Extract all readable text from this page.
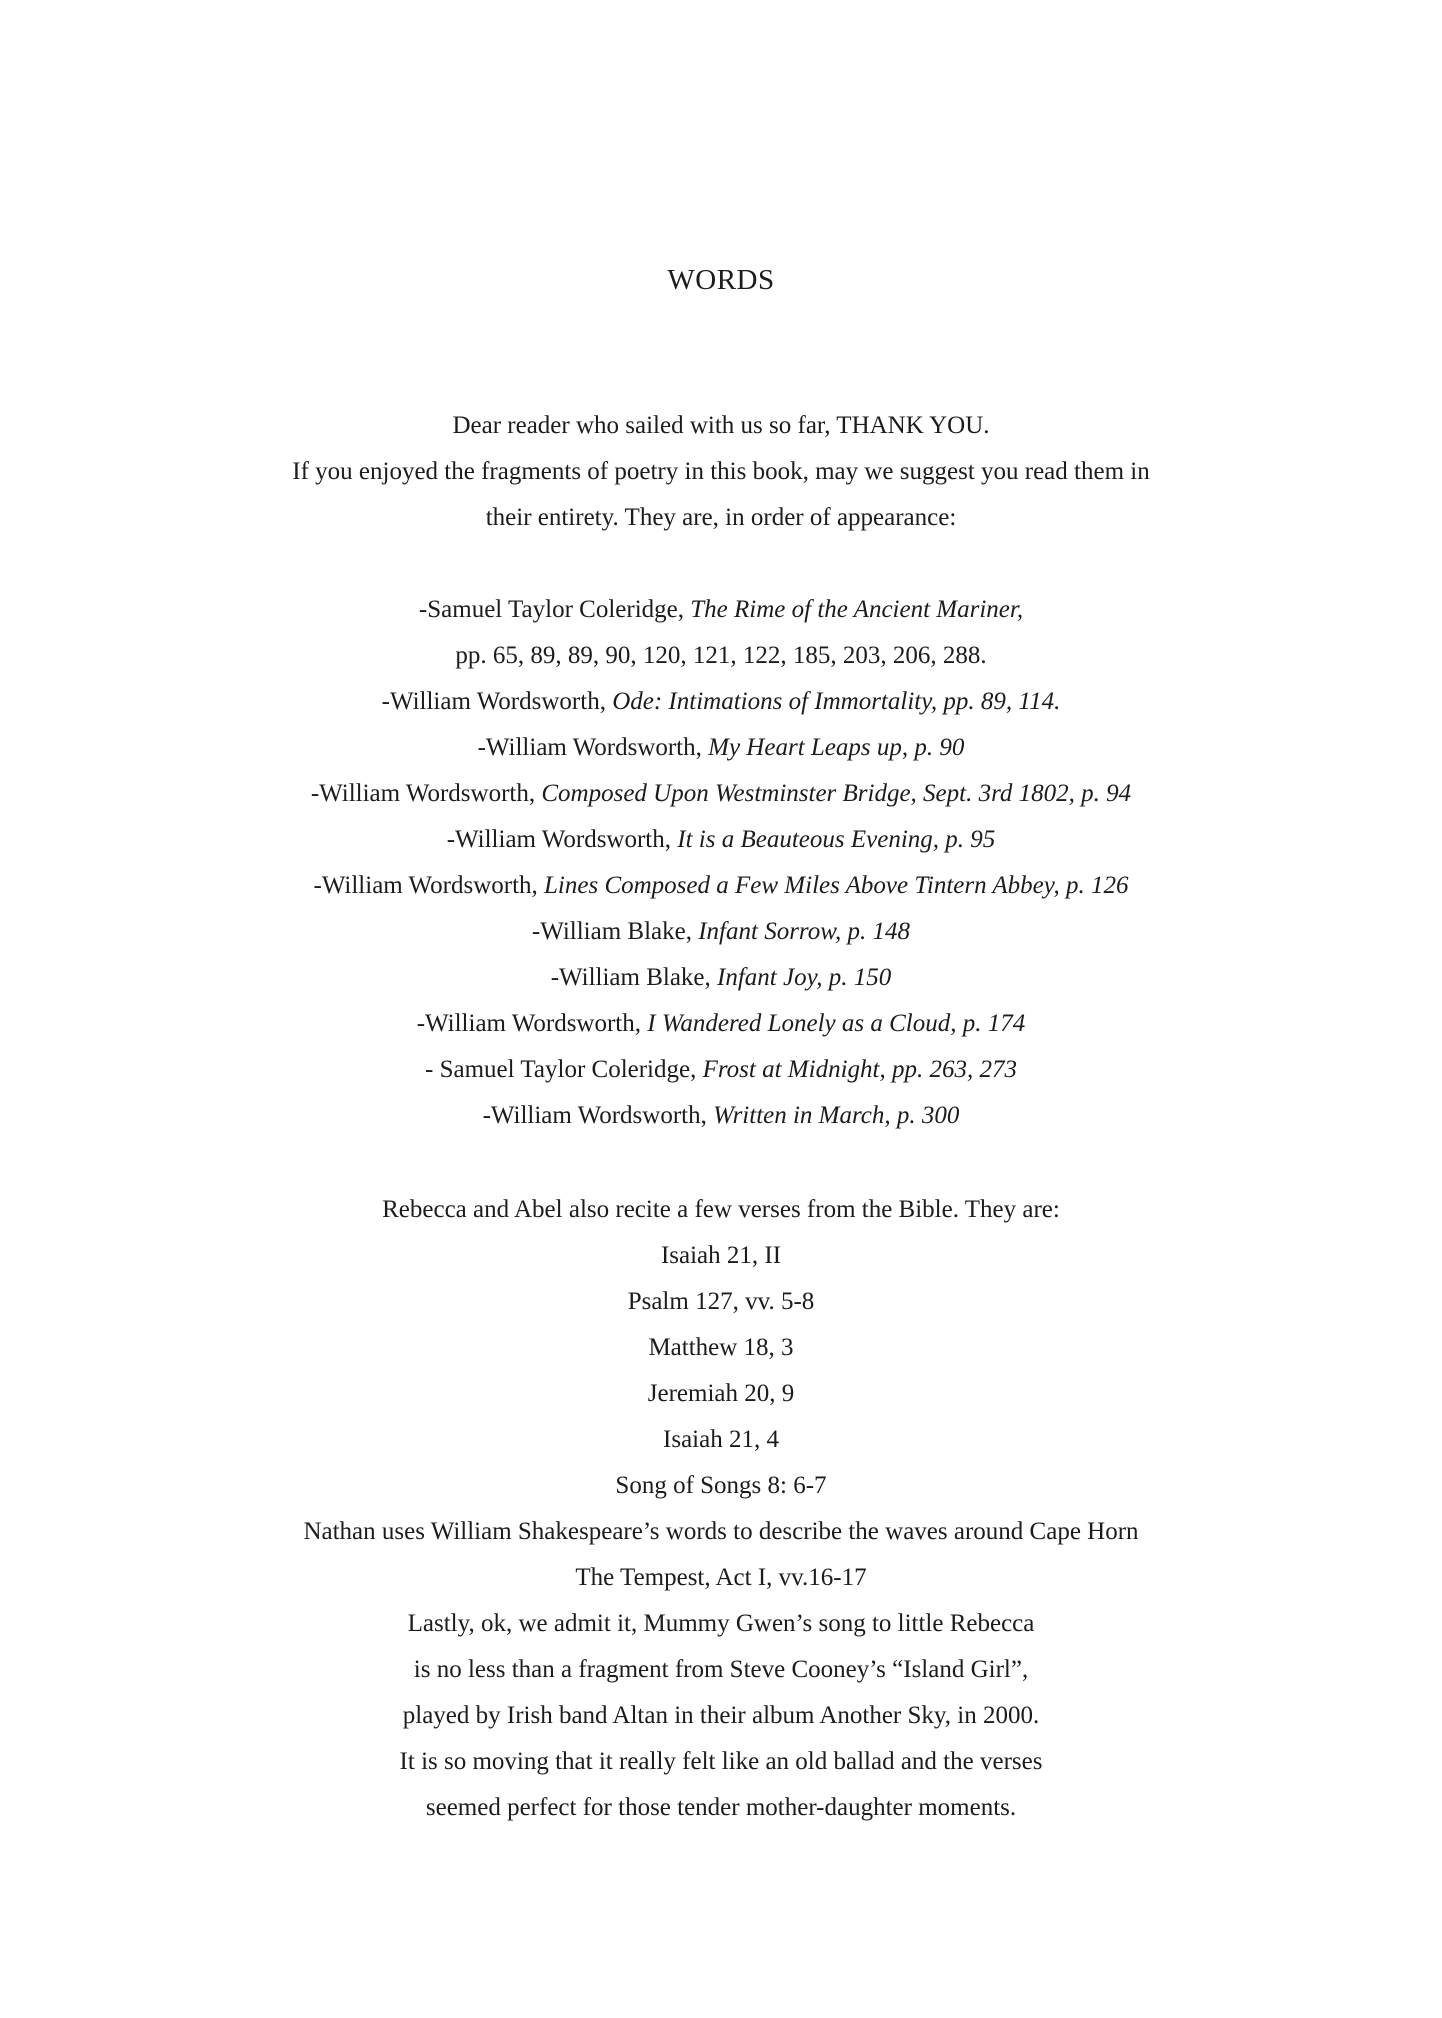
WORDS
Dear reader who sailed with us so far, THANK YOU.
If you enjoyed the fragments of poetry in this book, may we suggest you read them in
their entirety. They are, in order of appearance:
-Samuel Taylor Coleridge, The Rime of the Ancient Mariner,
pp. 65, 89, 89, 90, 120, 121, 122, 185, 203, 206, 288.
-William Wordsworth, Ode: Intimations of Immortality, pp. 89, 114.
-William Wordsworth, My Heart Leaps up, p. 90
-William Wordsworth, Composed Upon Westminster Bridge, Sept. 3rd 1802, p. 94
-William Wordsworth, It is a Beauteous Evening, p. 95
-William Wordsworth, Lines Composed a Few Miles Above Tintern Abbey, p. 126
-William Blake, Infant Sorrow, p. 148
-William Blake, Infant Joy, p. 150
-William Wordsworth, I Wandered Lonely as a Cloud, p. 174
- Samuel Taylor Coleridge, Frost at Midnight, pp. 263, 273
-William Wordsworth, Written in March, p. 300
Rebecca and Abel also recite a few verses from the Bible. They are:
Isaiah 21, II
Psalm 127, vv. 5-8
Matthew 18, 3
Jeremiah 20, 9
Isaiah 21, 4
Song of Songs 8: 6-7
Nathan uses William Shakespeare’s words to describe the waves around Cape Horn
The Tempest, Act I, vv.16-17
Lastly, ok, we admit it, Mummy Gwen’s song to little Rebecca
is no less than a fragment from Steve Cooney’s “Island Girl”,
played by Irish band Altan in their album Another Sky, in 2000.
It is so moving that it really felt like an old ballad and the verses
seemed perfect for those tender mother-daughter moments.
